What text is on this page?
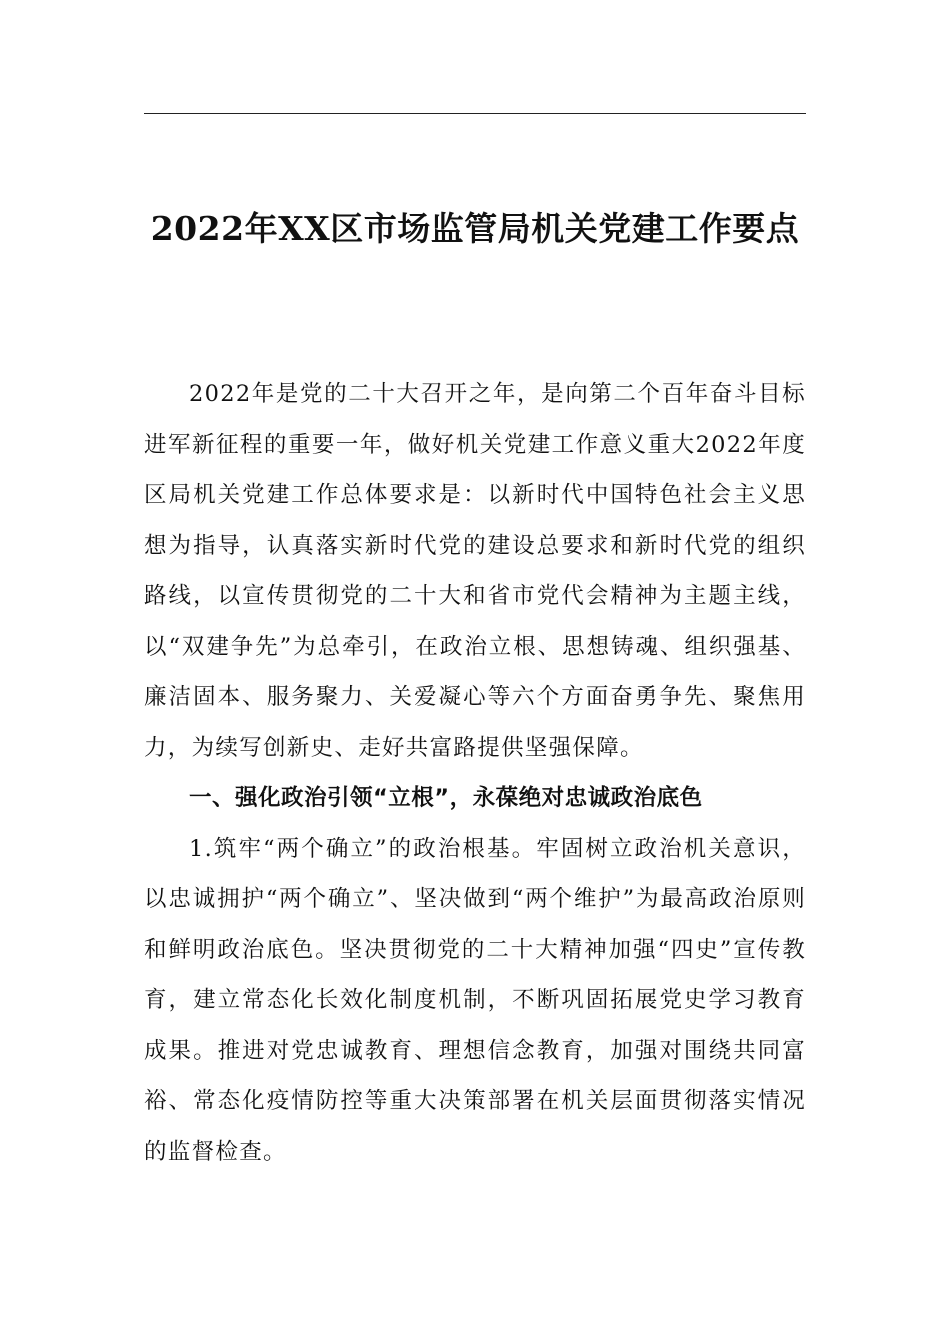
2022年XX区市场监管局机关党建工作要点

2022年是党的二十大召开之年，是向第二个百年奋斗目标进军新征程的重要一年，做好机关党建工作意义重大2022年度区局机关党建工作总体要求是：以新时代中国特色社会主义思想为指导，认真落实新时代党的建设总要求和新时代党的组织路线，以宣传贯彻党的二十大和省市党代会精神为主题主线，以“双建争先”为总牵引，在政治立根、思想铸魂、组织强基、廉洁固本、服务聚力、关爱凝心等六个方面奋勇争先、聚焦用力，为续写创新史、走好共富路提供坚强保障。

一、强化政治引领“立根”，永葆绝对忠诚政治底色

1.筑牢“两个确立”的政治根基。牢固树立政治机关意识，以忠诚拥护“两个确立”、坚决做到“两个维护”为最高政治原则和鲜明政治底色。坚决贯彻党的二十大精神加强“四史”宣传教育，建立常态化长效化制度机制，不断巩固拓展党史学习教育成果。推进对党忠诚教育、理想信念教育，加强对围绕共同富裕、常态化疫情防控等重大决策部署在机关层面贯彻落实情况的监督检查。
